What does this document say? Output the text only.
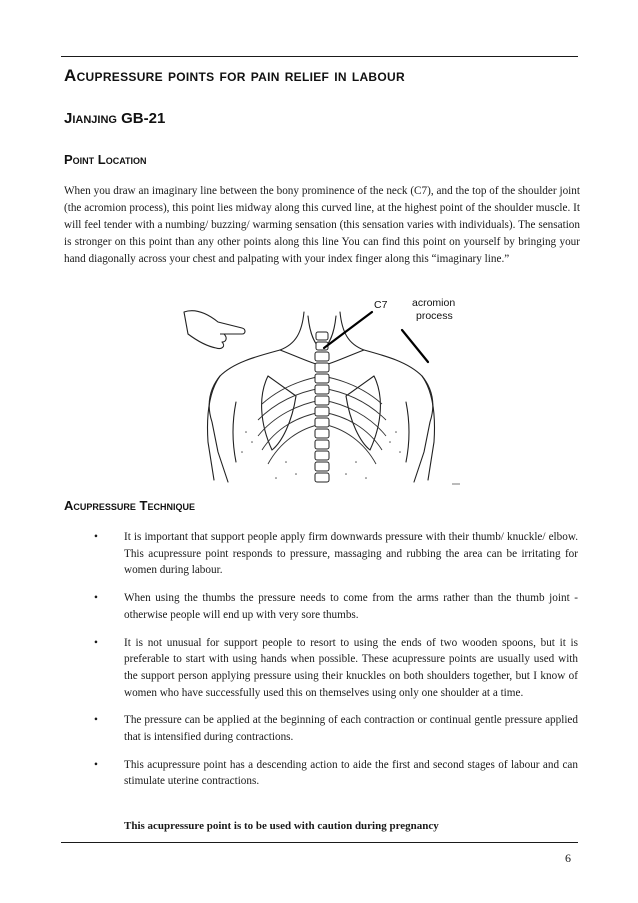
Acupressure points for pain relief in labour
Jianjing GB-21
Point Location

When you draw an imaginary line between the bony prominence of the neck (C7), and the top of the shoulder joint (the acromion process), this point lies midway along this curved line, at the highest point of the shoulder muscle. It will feel tender with a numbing/ buzzing/ warming sensation (this sensation varies with individuals). The sensation is stronger on this point than any other points along this line You can find this point on yourself by bringing your hand diagonally across your chest and palpating with your index finger along this “imaginary line.”

C7 acromion
process
Acupressure Technique
• It is important that support people apply firm downwards pressure with their thumb/ knuckle/ elbow. This acupressure point responds to pressure, massaging and rubbing the area can be irritating for women during labour.
• When using the thumbs the pressure needs to come from the arms rather than the thumb joint - otherwise people will end up with very sore thumbs.
• It is not unusual for support people to resort to using the ends of two wooden spoons, but it is preferable to start with using hands when possible. These acupressure points are usually used with the support person applying pressure using their knuckles on both shoulders together, but I know of women who have successfully used this on themselves using only one shoulder at a time.
• The pressure can be applied at the beginning of each contraction or continual gentle pressure applied that is intensified during contractions.
• This acupressure point has a descending action to aide the first and second stages of labour and can stimulate uterine contractions.
This acupressure point is to be used with caution during pregnancy
6
